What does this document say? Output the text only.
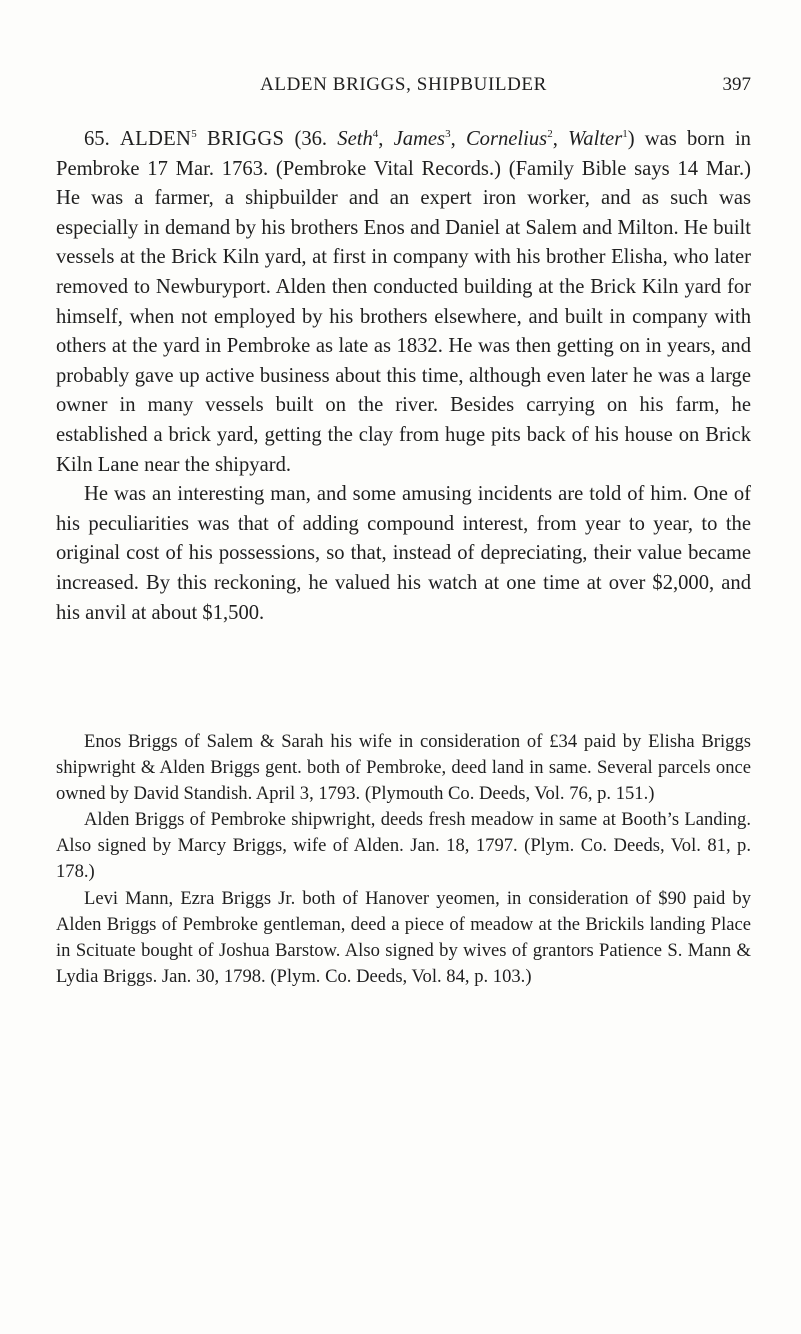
ALDEN BRIGGS, SHIPBUILDER	397

65. ALDEN$^5$ BRIGGS (36. Seth$^4$, James$^3$, Cornelius$^2$, Walter$^1$) was born in Pembroke 17 Mar. 1763. (Pembroke Vital Records.) (Family Bible says 14 Mar.) He was a farmer, a shipbuilder and an expert iron worker, and as such was especially in demand by his brothers Enos and Daniel at Salem and Milton. He built vessels at the Brick Kiln yard, at first in company with his brother Elisha, who later removed to Newburyport. Alden then conducted building at the Brick Kiln yard for himself, when not employed by his brothers elsewhere, and built in company with others at the yard in Pembroke as late as 1832. He was then getting on in years, and probably gave up active business about this time, although even later he was a large owner in many vessels built on the river. Besides carrying on his farm, he established a brick yard, getting the clay from huge pits back of his house on Brick Kiln Lane near the shipyard.

He was an interesting man, and some amusing incidents are told of him. One of his peculiarities was that of adding compound interest, from year to year, to the original cost of his possessions, so that, instead of depreciating, their value became increased. By this reckoning, he valued his watch at one time at over $2,000, and his anvil at about $1,500.

Enos Briggs of Salem & Sarah his wife in consideration of £34 paid by Elisha Briggs shipwright & Alden Briggs gent. both of Pembroke, deed land in same. Several parcels once owned by David Standish. April 3, 1793. (Plymouth Co. Deeds, Vol. 76, p. 151.)

Alden Briggs of Pembroke shipwright, deeds fresh meadow in same at Booth’s Landing. Also signed by Marcy Briggs, wife of Alden. Jan. 18, 1797. (Plym. Co. Deeds, Vol. 81, p. 178.)

Levi Mann, Ezra Briggs Jr. both of Hanover yeomen, in consideration of $90 paid by Alden Briggs of Pembroke gentleman, deed a piece of meadow at the Brickils landing Place in Scituate bought of Joshua Barstow. Also signed by wives of grantors Patience S. Mann & Lydia Briggs. Jan. 30, 1798. (Plym. Co. Deeds, Vol. 84, p. 103.)
